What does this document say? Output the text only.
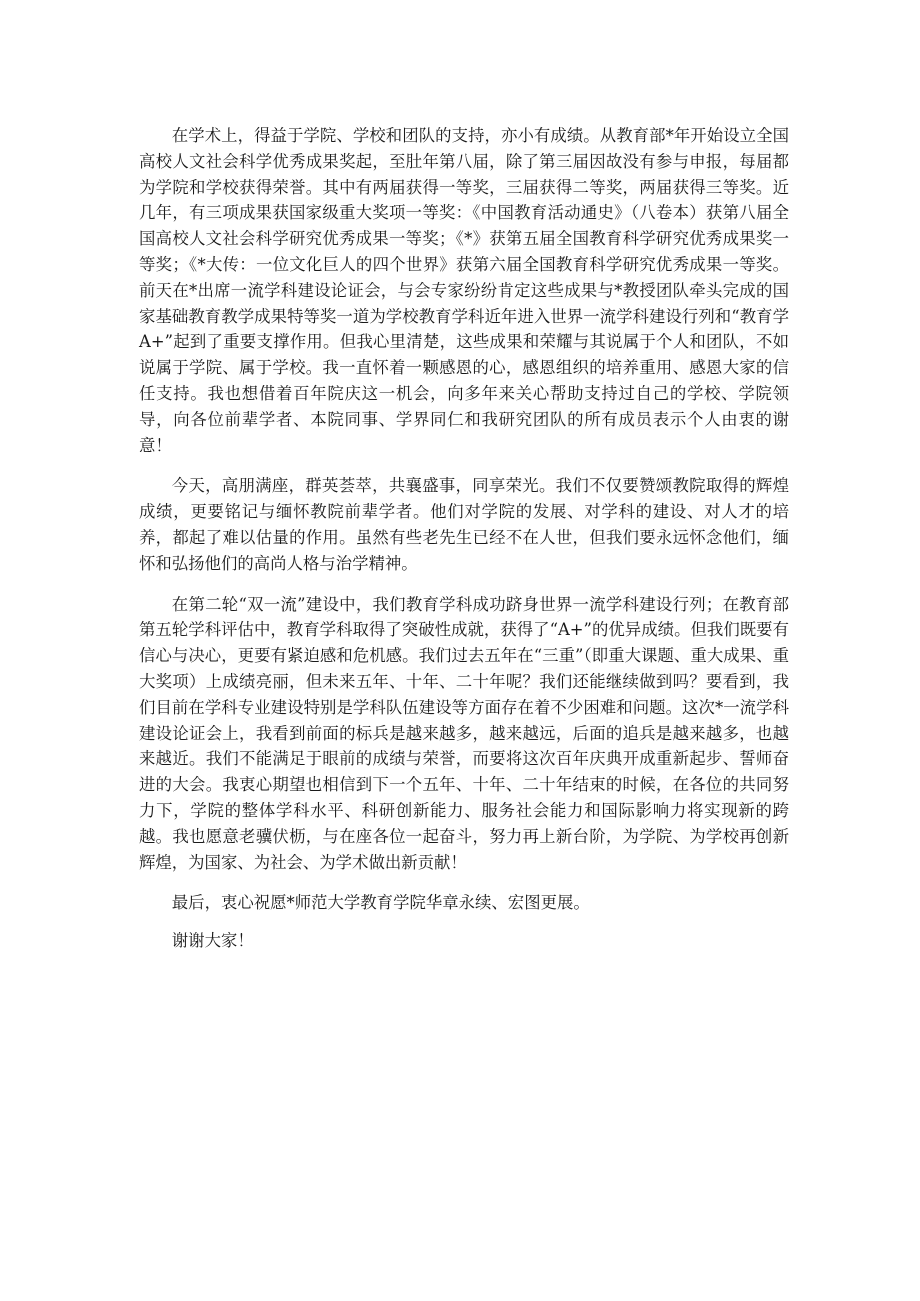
在学术上，得益于学院、学校和团队的支持，亦小有成绩。从教育部*年开始设立全国高校人文社会科学优秀成果奖起，至肚年第八届，除了第三届因故没有参与申报，每届都为学院和学校获得荣誉。其中有两届获得一等奖，三届获得二等奖，两届获得三等奖。近几年，有三项成果获国家级重大奖项一等奖：《中国教育活动通史》（八卷本）获第八届全国高校人文社会科学研究优秀成果一等奖；《*》获第五届全国教育科学研究优秀成果奖一等奖；《*大传：一位文化巨人的四个世界》获第六届全国教育科学研究优秀成果一等奖。前天在*出席一流学科建设论证会，与会专家纷纷肯定这些成果与*教授团队牵头完成的国家基础教育教学成果特等奖一道为学校教育学科近年进入世界一流学科建设行列和“教育学 A+”起到了重要支撑作用。但我心里清楚，这些成果和荣耀与其说属于个人和团队，不如说属于学院、属于学校。我一直怀着一颗感恩的心，感恩组织的培养重用、感恩大家的信任支持。我也想借着百年院庆这一机会，向多年来关心帮助支持过自己的学校、学院领导，向各位前辈学者、本院同事、学界同仁和我研究团队的所有成员表示个人由衷的谢意！

今天，高朋满座，群英荟萃，共襄盛事，同享荣光。我们不仅要赞颂教院取得的辉煌成绩，更要铭记与缅怀教院前辈学者。他们对学院的发展、对学科的建设、对人才的培养，都起了难以估量的作用。虽然有些老先生已经不在人世，但我们要永远怀念他们，缅怀和弘扬他们的高尚人格与治学精神。

在第二轮“双一流”建设中，我们教育学科成功跻身世界一流学科建设行列；在教育部第五轮学科评估中，教育学科取得了突破性成就，获得了“A+”的优异成绩。但我们既要有信心与决心，更要有紧迫感和危机感。我们过去五年在“三重”（即重大课题、重大成果、重大奖项）上成绩亮丽，但未来五年、十年、二十年呢？我们还能继续做到吗？要看到，我们目前在学科专业建设特别是学科队伍建设等方面存在着不少困难和问题。这次*一流学科建设论证会上，我看到前面的标兵是越来越多，越来越远，后面的追兵是越来越多，也越来越近。我们不能满足于眼前的成绩与荣誉，而要将这次百年庆典开成重新起步、誓师奋进的大会。我衷心期望也相信到下一个五年、十年、二十年结束的时候，在各位的共同努力下，学院的整体学科水平、科研创新能力、服务社会能力和国际影响力将实现新的跨越。我也愿意老骥伏枥，与在座各位一起奋斗，努力再上新台阶，为学院、为学校再创新辉煌，为国家、为社会、为学术做出新贡献！

最后，衷心祝愿*师范大学教育学院华章永续、宏图更展。

谢谢大家！
